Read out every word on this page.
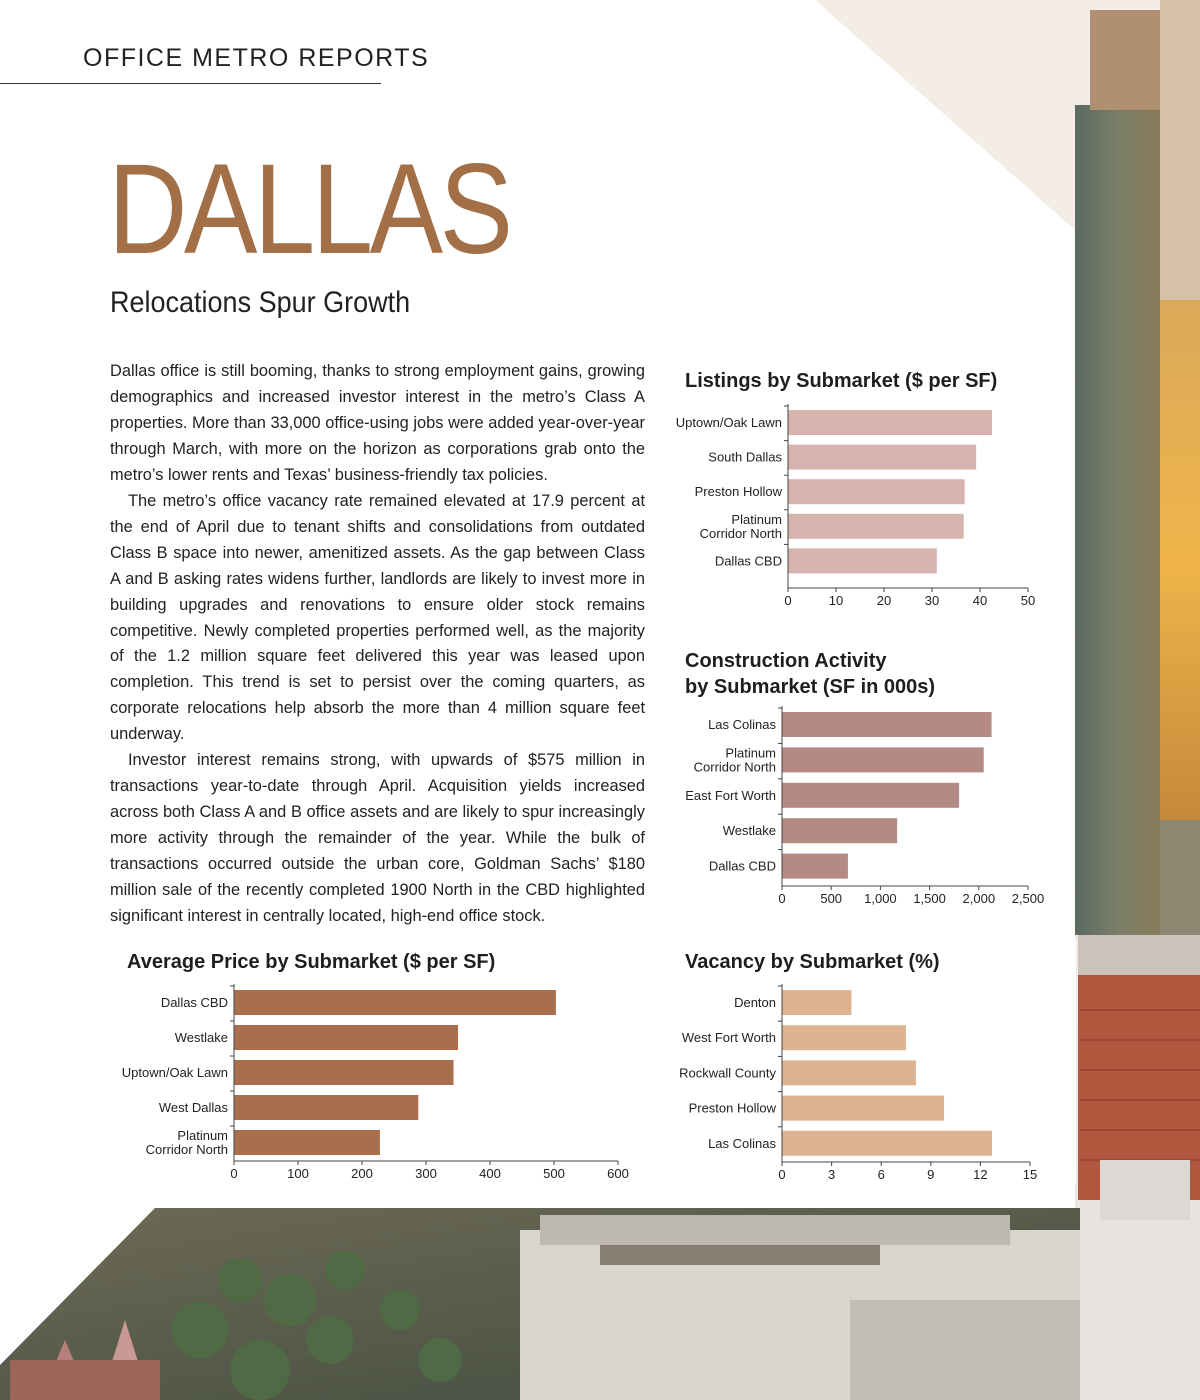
OFFICE METRO REPORTS
DALLAS
Relocations Spur Growth

Dallas office is still booming, thanks to strong employment gains, growing demographics and increased investor interest in the metro’s Class A properties. More than 33,000 office-using jobs were added year-over-year through March, with more on the horizon as corporations grab onto the metro’s lower rents and Texas’ business-friendly tax policies.

The metro’s office vacancy rate remained elevated at 17.9 percent at the end of April due to tenant shifts and consolidations from outdated Class B space into newer, amenitized assets. As the gap between Class A and B asking rates widens further, landlords are likely to invest more in building upgrades and renovations to ensure older stock remains competitive. Newly completed properties performed well, as the majority of the 1.2 million square feet delivered this year was leased upon completion. This trend is set to persist over the coming quarters, as corporate relocations help absorb the more than 4 million square feet underway.

Investor interest remains strong, with upwards of $575 million in transactions year-to-date through April. Acquisition yields increased across both Class A and B office assets and are likely to spur increasingly more activity through the remainder of the year. While the bulk of transactions occurred outside the urban core, Goldman Sachs’ $180 million sale of the recently completed 1900 North in the CBD highlighted significant interest in centrally located, high-end office stock.

Listings by Submarket ($ per SF)
Uptown/Oak Lawn
South Dallas
Preston Hollow
Platinum Corridor North
Dallas CBD
0	10	20	30	40	50
Construction Activity
by Submarket (SF in 000s)
Las Colinas
Platinum Corridor North
East Fort Worth
Westlake
Dallas CBD
0	500 1,000 1,500 2,000 2,500
Average Price by Submarket ($ per SF)
Dallas CBD
Westlake
Uptown/Oak Lawn
West Dallas
Platinum Corridor North
0	100	200	300	400	500	600
Vacancy by Submarket (%)
Denton
West Fort Worth
Rockwall County
Preston Hollow
Las Colinas
0	3	6	9	12	15
